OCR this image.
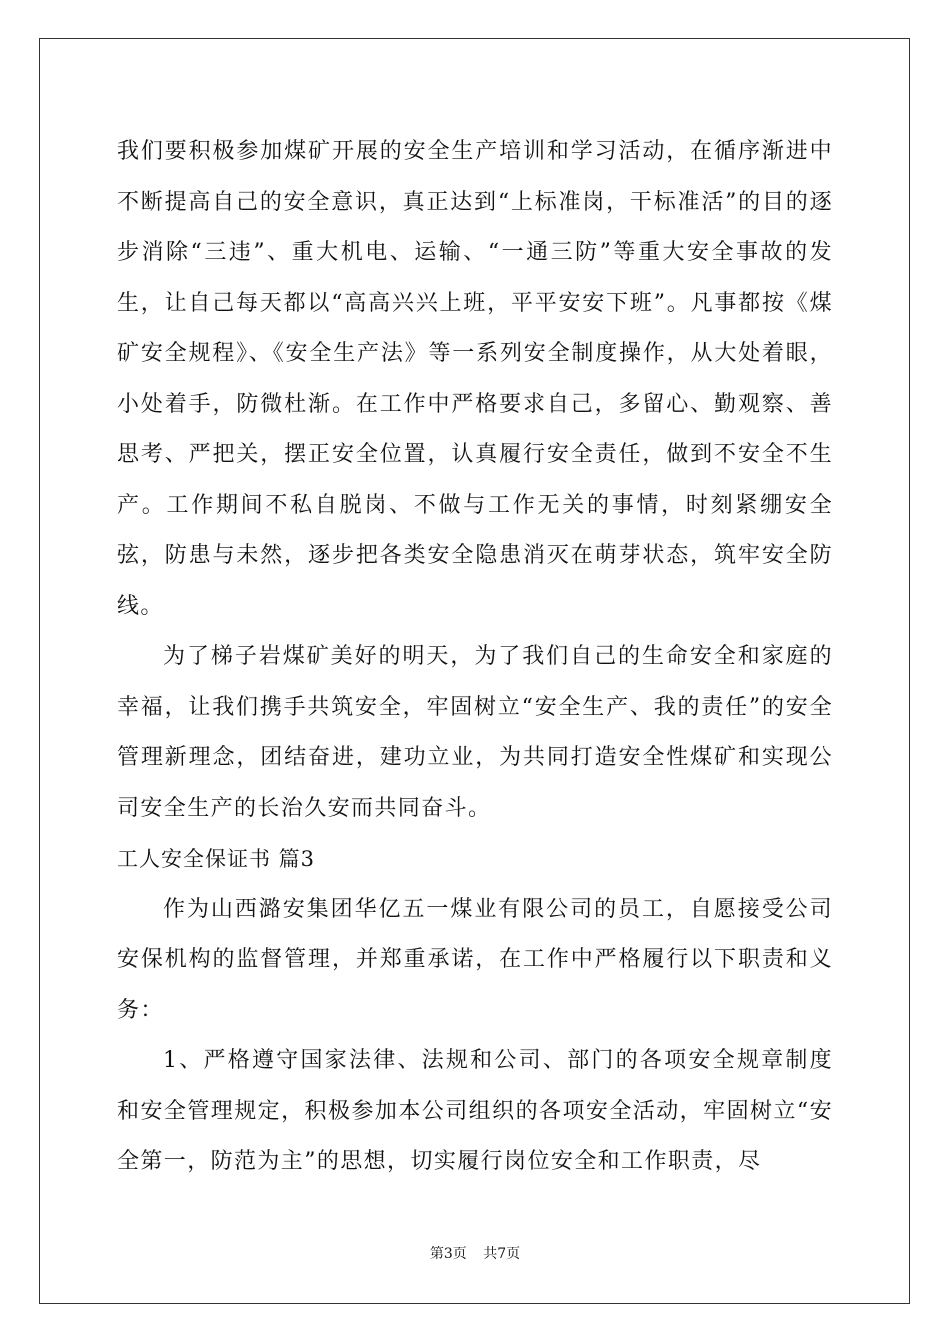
我们要积极参加煤矿开展的安全生产培训和学习活动，在循序渐进中不断提高自己的安全意识，真正达到“上标准岗，干标准活”的目的逐步消除“三违”、重大机电、运输、“一通三防”等重大安全事故的发生，让自己每天都以“高高兴兴上班，平平安安下班”。凡事都按《煤矿安全规程》、《安全生产法》等一系列安全制度操作，从大处着眼，小处着手，防微杜渐。在工作中严格要求自己，多留心、勤观察、善思考、严把关，摆正安全位置，认真履行安全责任，做到不安全不生产。工作期间不私自脱岗、不做与工作无关的事情，时刻紧绷安全弦，防患与未然，逐步把各类安全隐患消灭在萌芽状态，筑牢安全防线。

为了梯子岩煤矿美好的明天，为了我们自己的生命安全和家庭的幸福，让我们携手共筑安全，牢固树立“安全生产、我的责任”的安全管理新理念，团结奋进，建功立业，为共同打造安全性煤矿和实现公司安全生产的长治久安而共同奋斗。

工人安全保证书 篇3

作为山西潞安集团华亿五一煤业有限公司的员工，自愿接受公司安保机构的监督管理，并郑重承诺，在工作中严格履行以下职责和义务：

1、严格遵守国家法律、法规和公司、部门的各项安全规章制度和安全管理规定，积极参加本公司组织的各项安全活动，牢固树立“安全第一，防范为主”的思想，切实履行岗位安全和工作职责，尽

第3页 共7页
